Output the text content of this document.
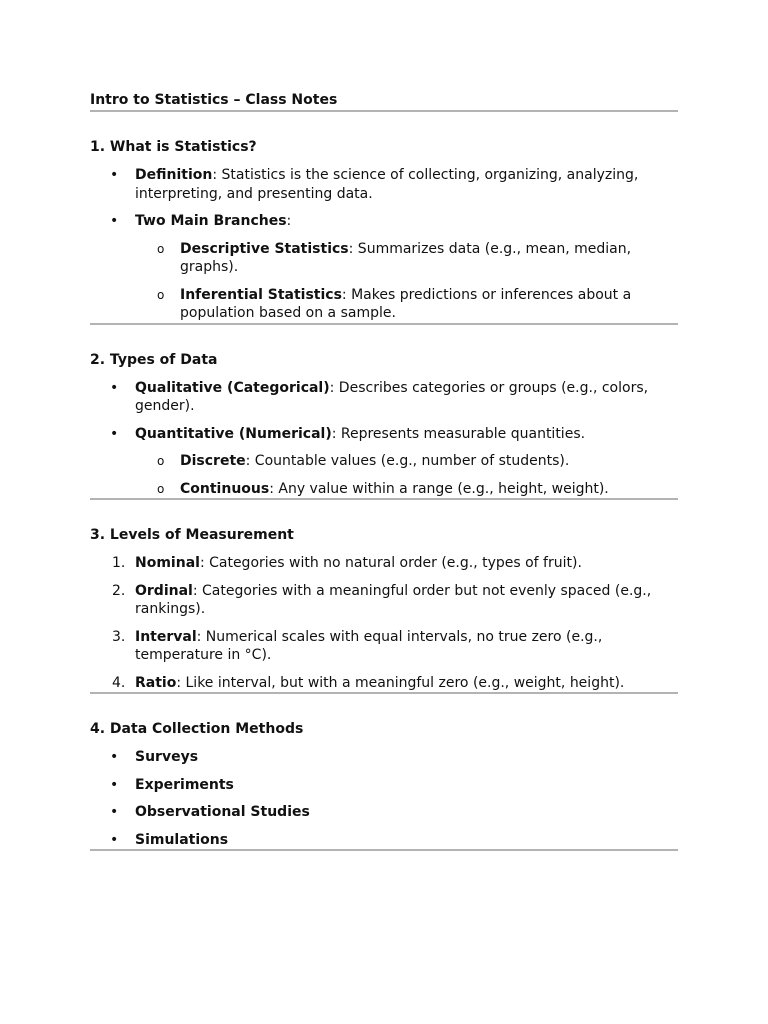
Intro to Statistics – Class Notes
1. What is Statistics?
• Definition: Statistics is the science of collecting, organizing, analyzing, interpreting, and presenting data.
• Two Main Branches:
o Descriptive Statistics: Summarizes data (e.g., mean, median, graphs).
o Inferential Statistics: Makes predictions or inferences about a population based on a sample.
2. Types of Data
• Qualitative (Categorical): Describes categories or groups (e.g., colors, gender).
• Quantitative (Numerical): Represents measurable quantities.
o Discrete: Countable values (e.g., number of students).
o Continuous: Any value within a range (e.g., height, weight).
3. Levels of Measurement
1. Nominal: Categories with no natural order (e.g., types of fruit).
2. Ordinal: Categories with a meaningful order but not evenly spaced (e.g., rankings).
3. Interval: Numerical scales with equal intervals, no true zero (e.g., temperature in °C).
4. Ratio: Like interval, but with a meaningful zero (e.g., weight, height).
4. Data Collection Methods
• Surveys
• Experiments
• Observational Studies
• Simulations
